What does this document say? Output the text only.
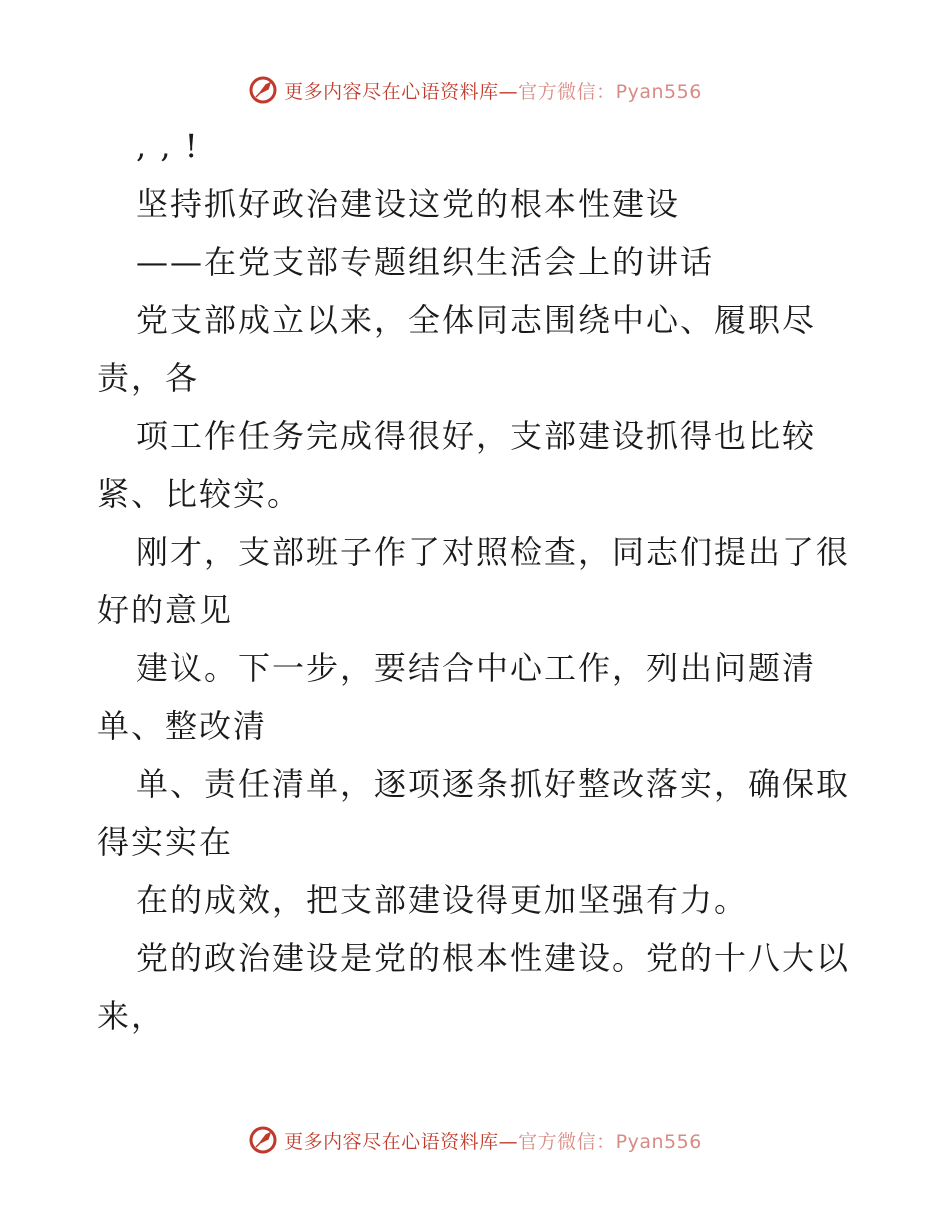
更多内容尽在心语资料库—官方微信：Pyan556
, , !
坚持抓好政治建设这党的根本性建设
——在党支部专题组织生活会上的讲话
党支部成立以来，全体同志围绕中心、履职尽
责，各
项工作任务完成得很好，支部建设抓得也比较
紧、比较实。
刚才，支部班子作了对照检查，同志们提出了很
好的意见
建议。下一步，要结合中心工作，列出问题清
单、整改清
单、责任清单，逐项逐条抓好整改落实，确保取
得实实在
在的成效，把支部建设得更加坚强有力。
党的政治建设是党的根本性建设。党的十八大以
来，
更多内容尽在心语资料库—官方微信：Pyan556
